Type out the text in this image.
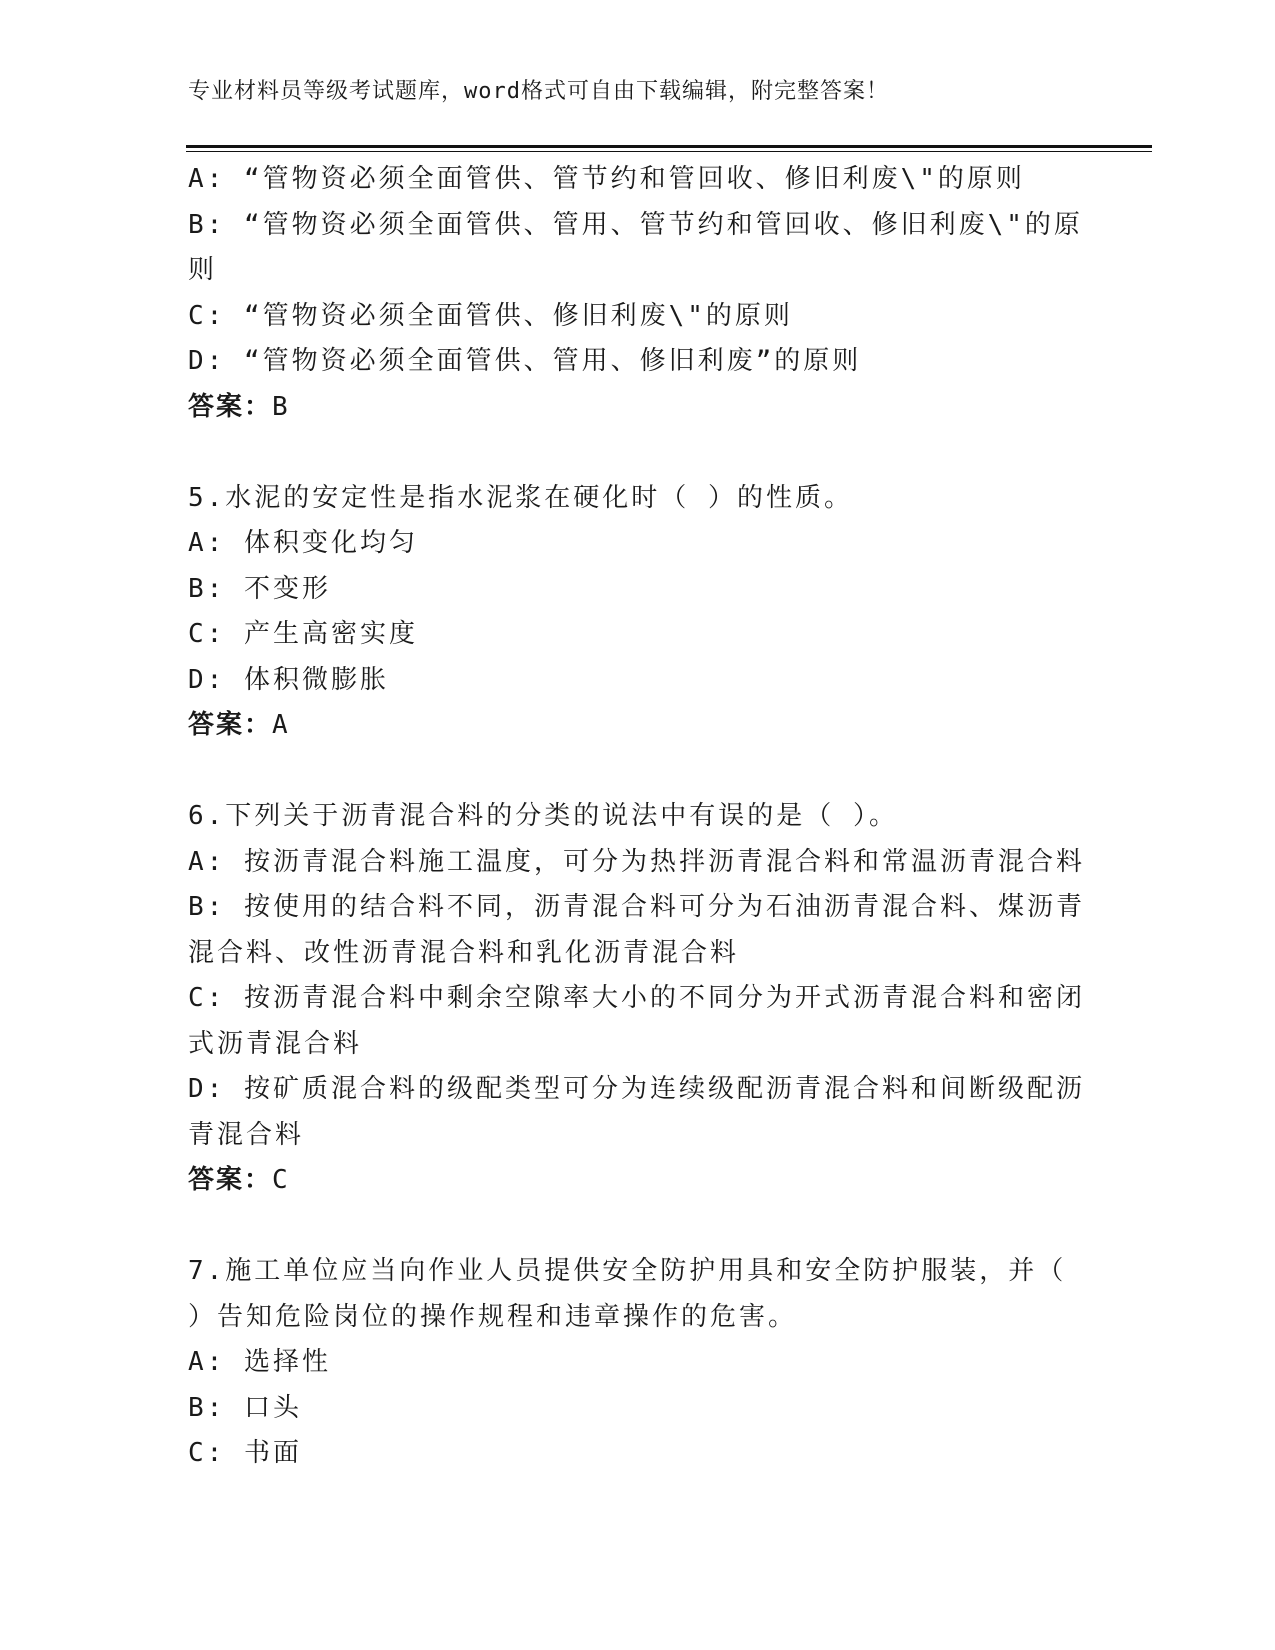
专业材料员等级考试题库，word格式可自由下载编辑，附完整答案！

A: “管物资必须全面管供、管节约和管回收、修旧利废\"的原则

B: “管物资必须全面管供、管用、管节约和管回收、修旧利废\"的原则

C: “管物资必须全面管供、修旧利废\"的原则

D: “管物资必须全面管供、管用、修旧利废”的原则

答案：B

5.水泥的安定性是指水泥浆在硬化时（ ）的性质。

A: 体积变化均匀

B: 不变形

C: 产生高密实度

D: 体积微膨胀

答案：A

6.下列关于沥青混合料的分类的说法中有误的是（ ）。

A: 按沥青混合料施工温度，可分为热拌沥青混合料和常温沥青混合料

B: 按使用的结合料不同，沥青混合料可分为石油沥青混合料、煤沥青混合料、改性沥青混合料和乳化沥青混合料

C: 按沥青混合料中剩余空隙率大小的不同分为开式沥青混合料和密闭式沥青混合料

D: 按矿质混合料的级配类型可分为连续级配沥青混合料和间断级配沥青混合料

答案：C

7.施工单位应当向作业人员提供安全防护用具和安全防护服装，并（ ）告知危险岗位的操作规程和违章操作的危害。

A: 选择性

B: 口头

C: 书面
